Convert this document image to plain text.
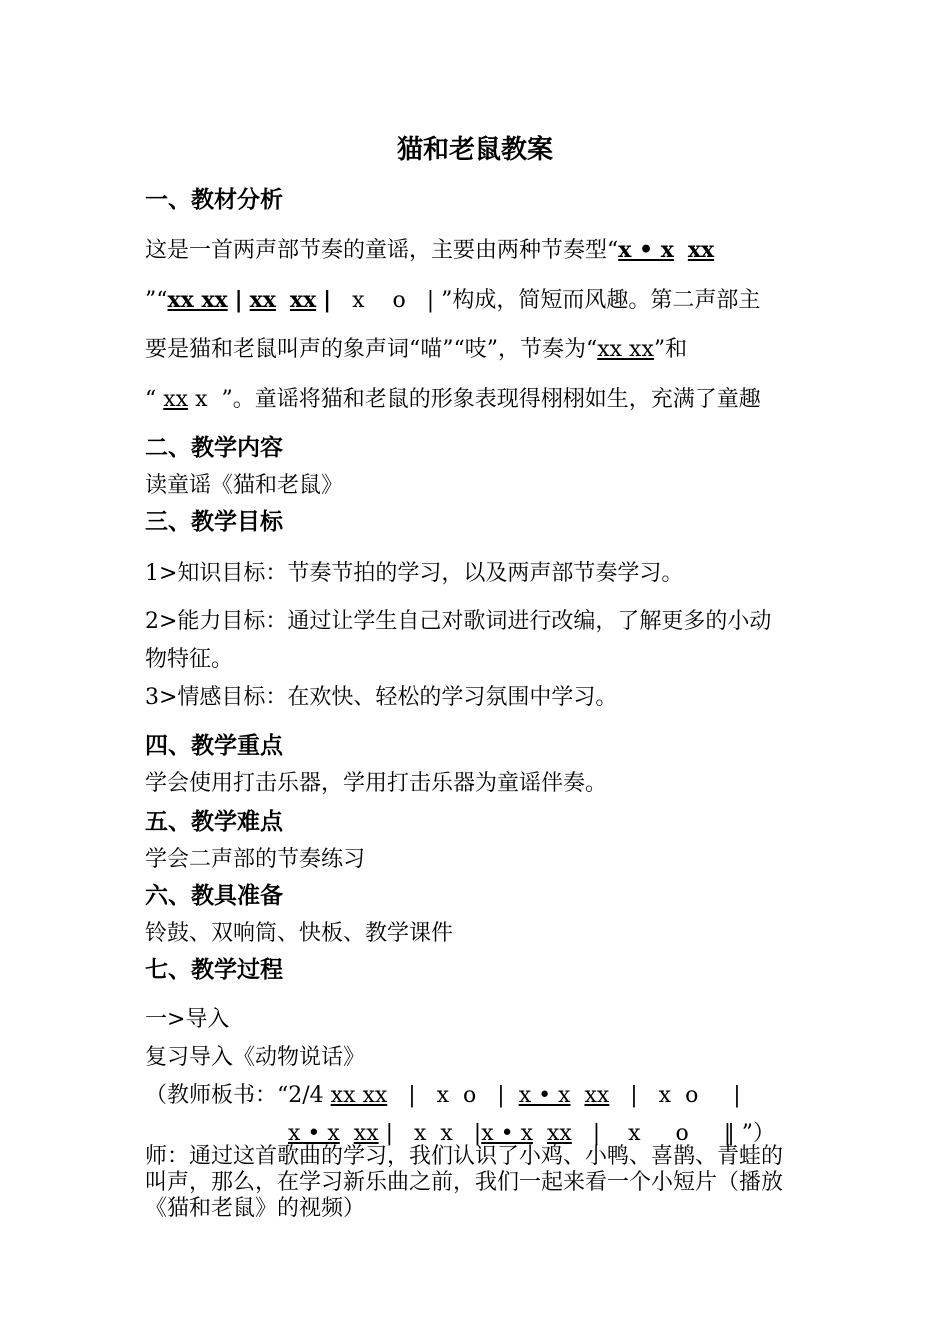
猫和老鼠教案
一、教材分析
这是一首两声部节奏的童谣，主要由两种节奏型“x • x xx
”“xx xx | xx xx | x o | ”构成，简短而风趣。第二声部主
要是猫和老鼠叫声的象声词“喵”“吱”，节奏为“xx xx”和
“ xx x ”。童谣将猫和老鼠的形象表现得栩栩如生，充满了童趣
二、教学内容
读童谣《猫和老鼠》
三、教学目标
1>知识目标：节奏节拍的学习，以及两声部节奏学习。
2>能力目标：通过让学生自己对歌词进行改编，了解更多的小动
物特征。
3>情感目标：在欢快、轻松的学习氛围中学习。
四、教学重点
学会使用打击乐器，学用打击乐器为童谣伴奏。
五、教学难点
学会二声部的节奏练习
六、教具准备
铃鼓、双响筒、快板、教学课件
七、教学过程
一>导入
复习导入《动物说话》
（教师板书：“2/4 xx xx |   x  o   | x • x xx |   x  o     |
x • x xx |   x  x   |x • x xx |    x     o     ‖ ”）
师：通过这首歌曲的学习，我们认识了小鸡、小鸭、喜鹊、青蛙的
叫声，那么，在学习新乐曲之前，我们一起来看一个小短片（播放
《猫和老鼠》的视频）
